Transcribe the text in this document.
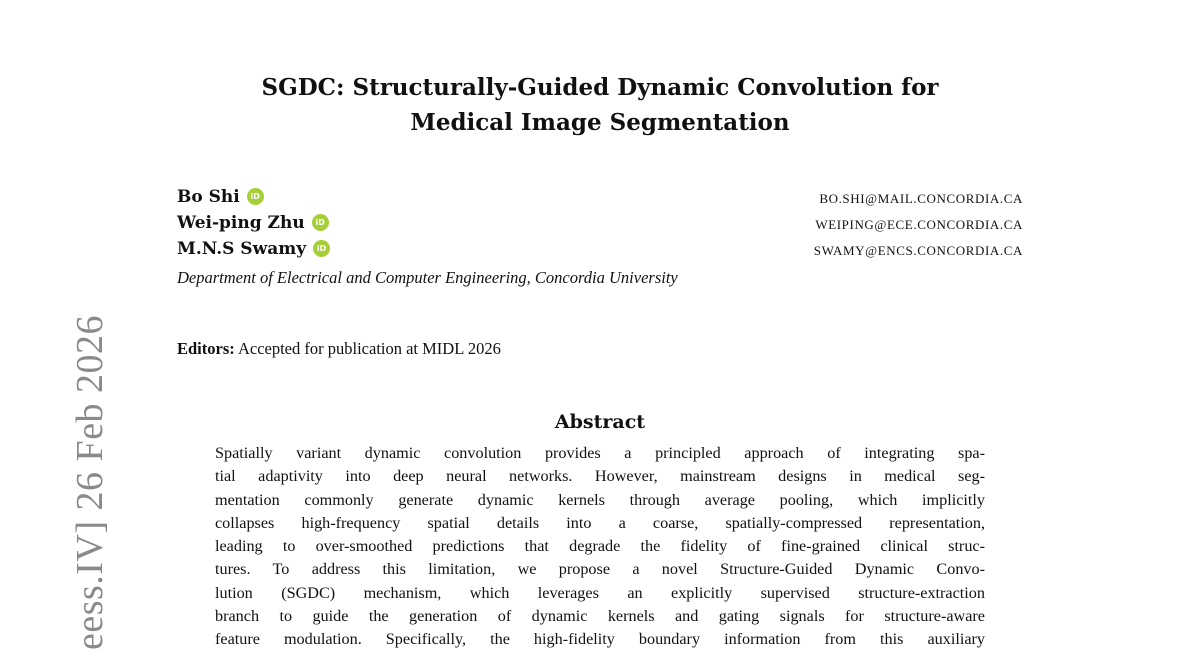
eess.IV] 26 Feb 2026
SGDC: Structurally-Guided Dynamic Convolution for
Medical Image Segmentation
Bo Shi iD	BO.SHI@MAIL.CONCORDIA.CA
Wei-ping Zhu iD	WEIPING@ECE.CONCORDIA.CA
M.N.S Swamy iD	SWAMY@ENCS.CONCORDIA.CA
Department of Electrical and Computer Engineering, Concordia University
Editors: Accepted for publication at MIDL 2026
Abstract
Spatially variant dynamic convolution provides a principled approach of integrating spa-
tial adaptivity into deep neural networks. However, mainstream designs in medical seg-
mentation commonly generate dynamic kernels through average pooling, which implicitly
collapses high-frequency spatial details into a coarse, spatially-compressed representation,
leading to over-smoothed predictions that degrade the fidelity of fine-grained clinical struc-
tures. To address this limitation, we propose a novel Structure-Guided Dynamic Convo-
lution (SGDC) mechanism, which leverages an explicitly supervised structure-extraction
branch to guide the generation of dynamic kernels and gating signals for structure-aware
feature modulation. Specifically, the high-fidelity boundary information from this auxiliary
